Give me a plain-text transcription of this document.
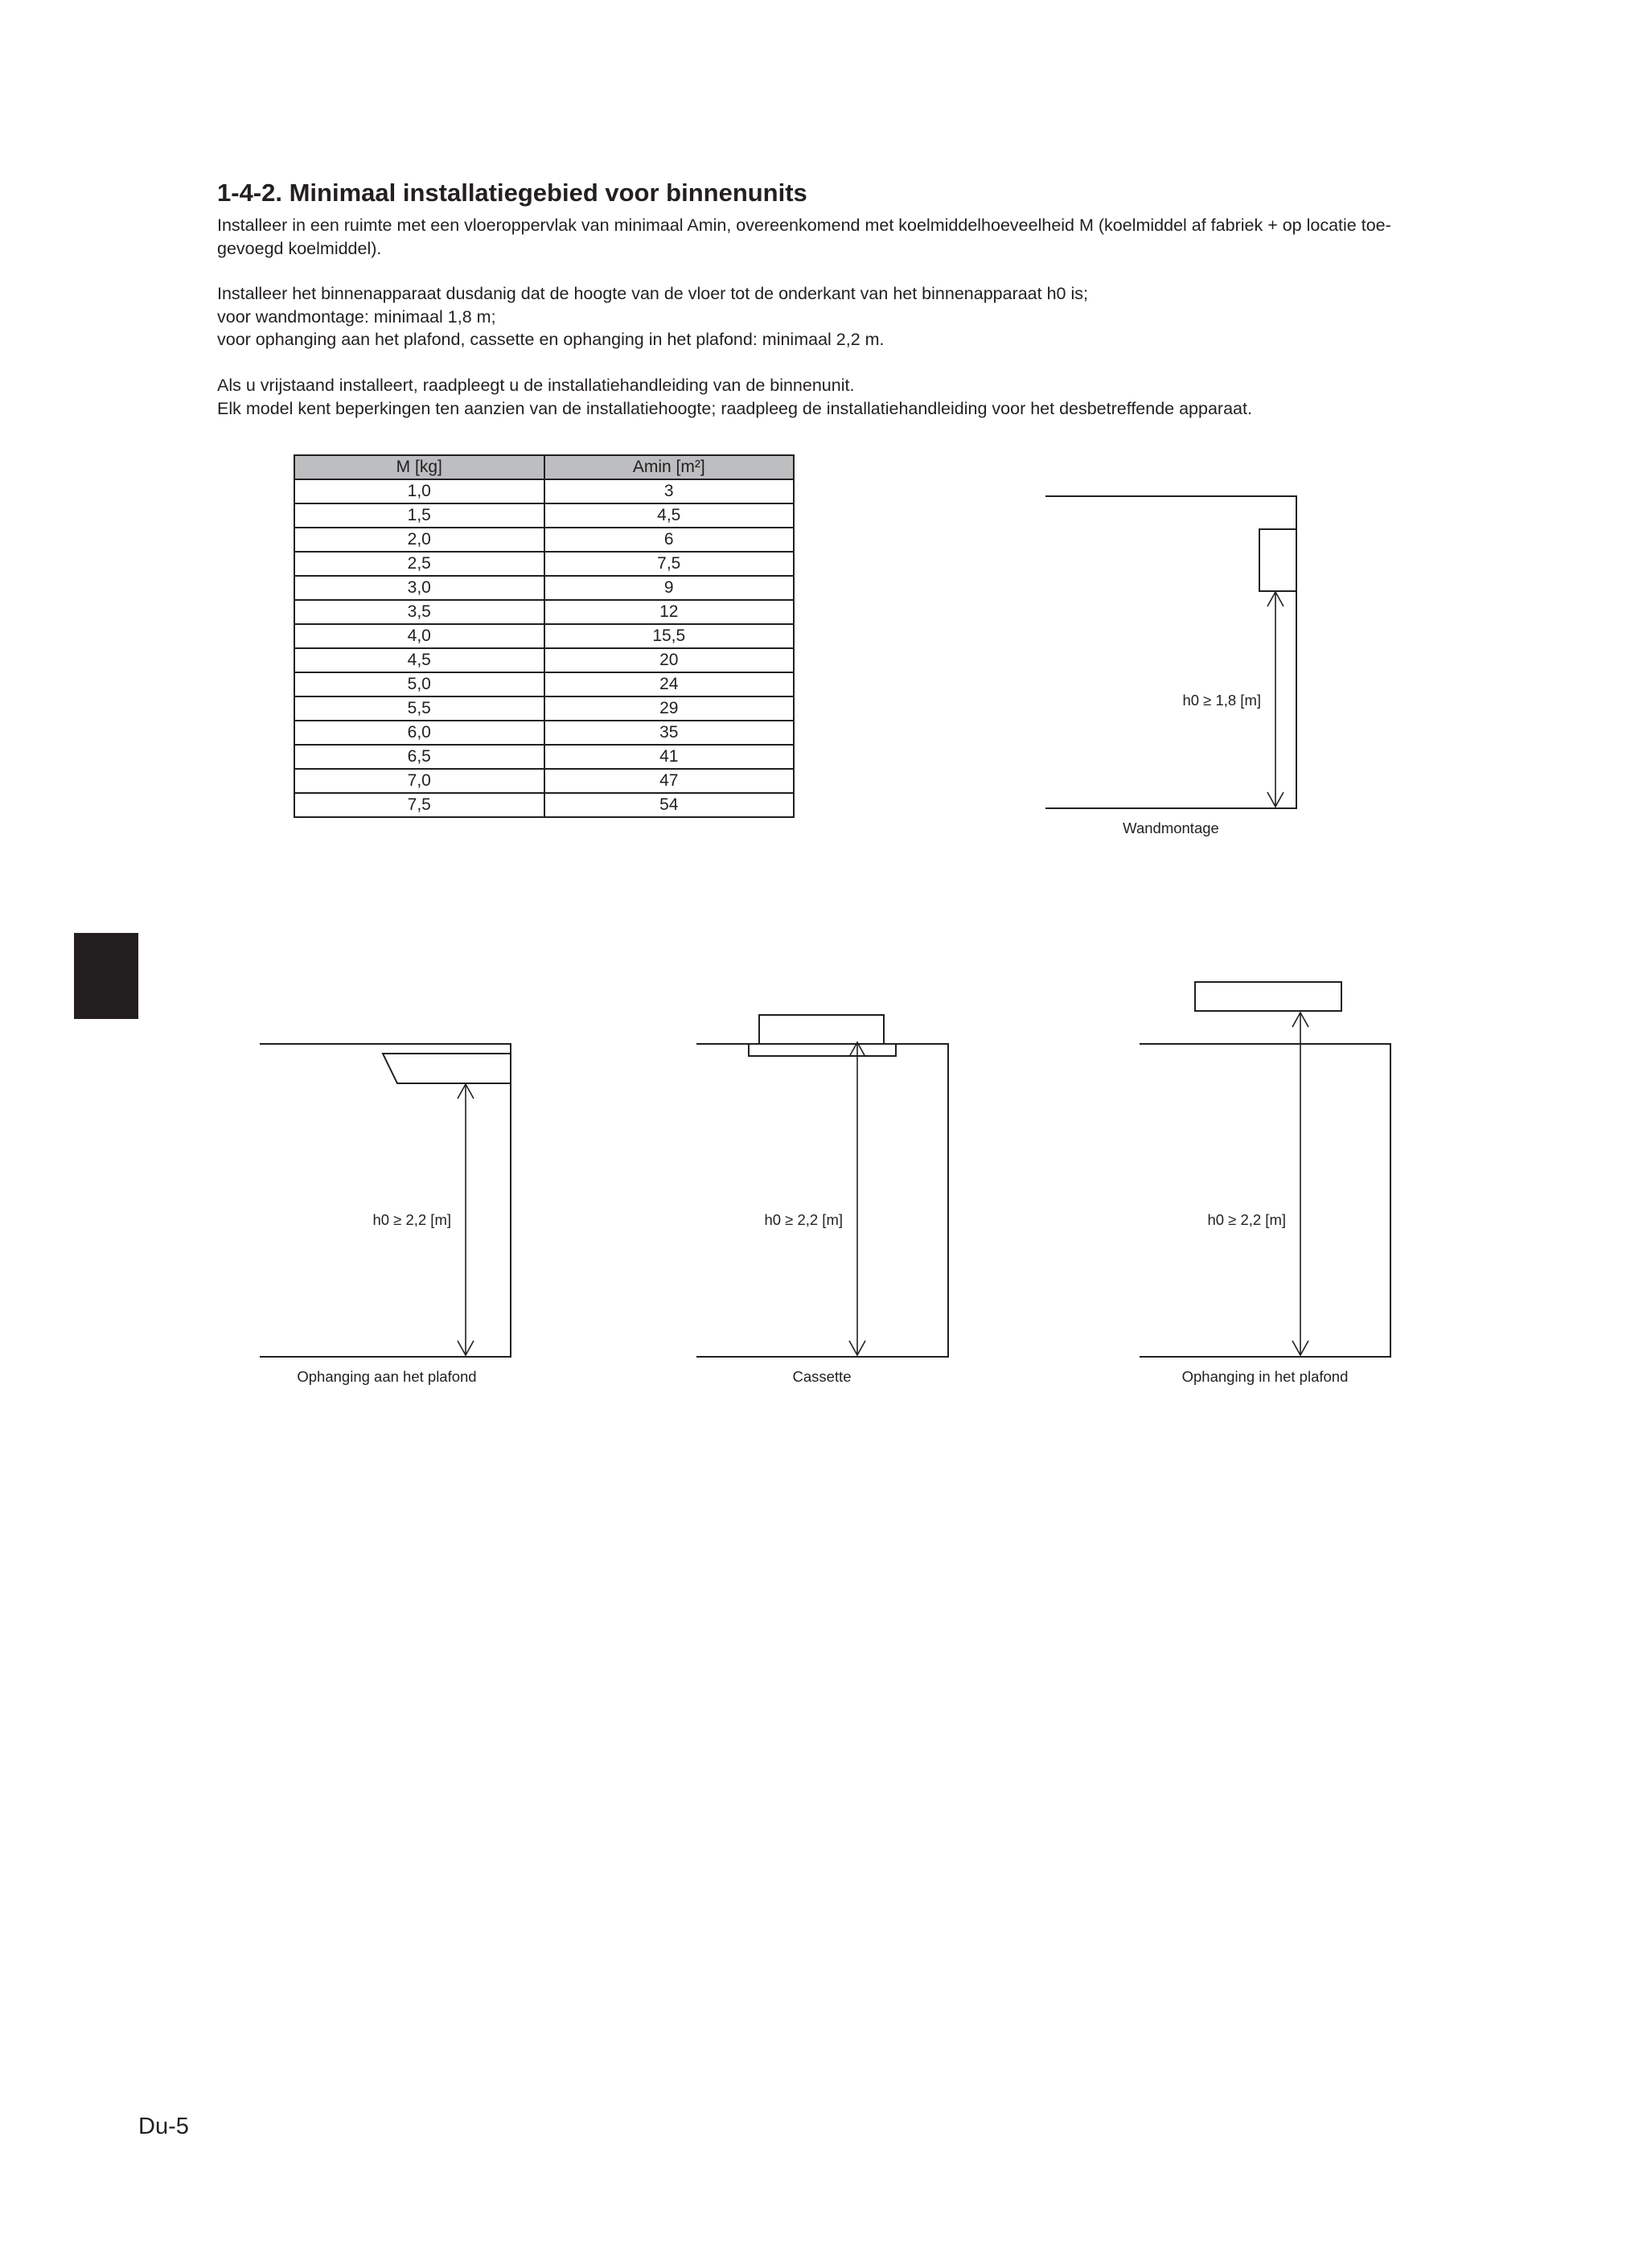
1-4-2. Minimaal installatiegebied voor binnenunits

Installeer in een ruimte met een vloeroppervlak van minimaal Amin, overeenkomend met koelmiddelhoeveelheid M (koelmiddel af fabriek + op locatie toe-
gevoegd koelmiddel).

Installeer het binnenapparaat dusdanig dat de hoogte van de vloer tot de onderkant van het binnenapparaat h0 is;
voor wandmontage: minimaal 1,8 m;
voor ophanging aan het plafond, cassette en ophanging in het plafond: minimaal 2,2 m.

Als u vrijstaand installeert, raadpleegt u de installatiehandleiding van de binnenunit.
Elk model kent beperkingen ten aanzien van de installatiehoogte; raadpleeg de installatiehandleiding voor het desbetreffende apparaat.

M [kg]	Amin [m²]
1,0	3
1,5	4,5
2,0	6
2,5	7,5
3,0	9
3,5	12
4,0	15,5
4,5	20
5,0	24
5,5	29
6,0	35
6,5	41
7,0	47
7,5	54
h0 ≥ 1,8 [m]
Wandmontage
h0 ≥ 2,2 [m]
Ophanging aan het plafond
h0 ≥ 2,2 [m]
Cassette
h0 ≥ 2,2 [m]
Ophanging in het plafond
Du-5
